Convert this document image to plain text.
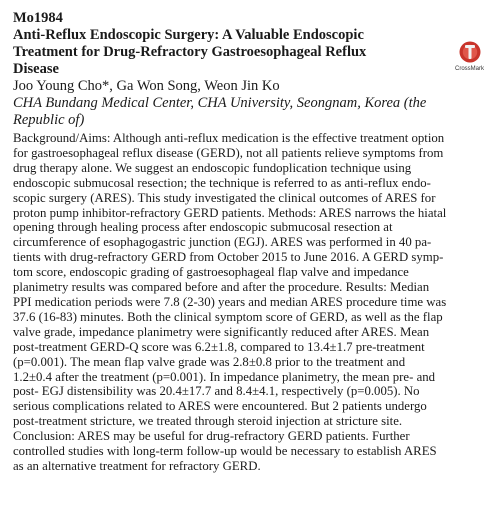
Mo1984
Anti-Reflux Endoscopic Surgery: A Valuable Endoscopic
Treatment for Drug-Refractory Gastroesophageal Reflux
Disease	CrossMark
Joo Young Cho*, Ga Won Song, Weon Jin Ko
CHA Bundang Medical Center, CHA University, Seongnam, Korea (the
Republic of)
Background/Aims: Although anti-reflux medication is the effective treatment option
for gastroesophageal reflux disease (GERD), not all patients relieve symptoms from
drug therapy alone. We suggest an endoscopic fundoplication technique using
endoscopic submucosal resection; the technique is referred to as anti-reflux endo-
scopic surgery (ARES). This study investigated the clinical outcomes of ARES for
proton pump inhibitor-refractory GERD patients. Methods: ARES narrows the hiatal
opening through healing process after endoscopic submucosal resection at
circumference of esophagogastric junction (EGJ). ARES was performed in 40 pa-
tients with drug-refractory GERD from October 2015 to June 2016. A GERD symp-
tom score, endoscopic grading of gastroesophageal flap valve and impedance
planimetry results was compared before and after the procedure. Results: Median
PPI medication periods were 7.8 (2-30) years and median ARES procedure time was
37.6 (16-83) minutes. Both the clinical symptom score of GERD, as well as the flap
valve grade, impedance planimetry were significantly reduced after ARES. Mean
post-treatment GERD-Q score was 6.2±1.8, compared to 13.4±1.7 pre-treatment
(p=0.001). The mean flap valve grade was 2.8±0.8 prior to the treatment and
1.2±0.4 after the treatment (p=0.001). In impedance planimetry, the mean pre- and
post- EGJ distensibility was 20.4±17.7 and 8.4±4.1, respectively (p=0.005). No
serious complications related to ARES were encountered. But 2 patients undergo
post-treatment stricture, we treated through steroid injection at stricture site.
Conclusion: ARES may be useful for drug-refractory GERD patients. Further
controlled studies with long-term follow-up would be necessary to establish ARES
as an alternative treatment for refractory GERD.
